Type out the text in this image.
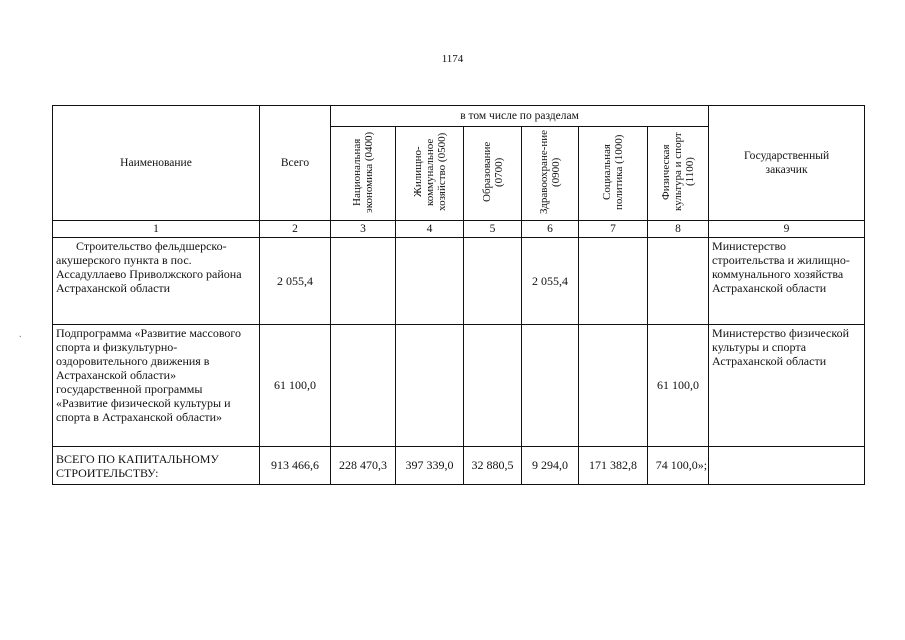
1174
.
Наименование	Всего	в том числе по разделам						Государственный заказчик
		Национальная экономика (0400)	Жилищно-коммунальное хозяйство (0500)	Образование (0700)	Здравоохране-ние (0900)	Социальная политика (1000)	Физическая культура и спорт (1100)	
1	2	3	4	5	6	7	8	9

Строительство фельдшерско-акушерского пункта в пос. Ассадуллаево Приволжского района Астраханской области	2 055,4				2 055,4			Министерство строительства и жилищно-коммунального хозяйства Астраханской области
Подпрограмма «Развитие массового спорта и физкультурно-оздоровительного движения в Астраханской области» государственной программы «Развитие физической культуры и спорта в Астраханской области»	61 100,0						61 100,0	Министерство физической культуры и спорта Астраханской области
ВСЕГО ПО КАПИТАЛЬНОМУ СТРОИТЕЛЬСТВУ:	913 466,6	228 470,3	397 339,0	32 880,5	9 294,0	171 382,8	74 100,0»;	
